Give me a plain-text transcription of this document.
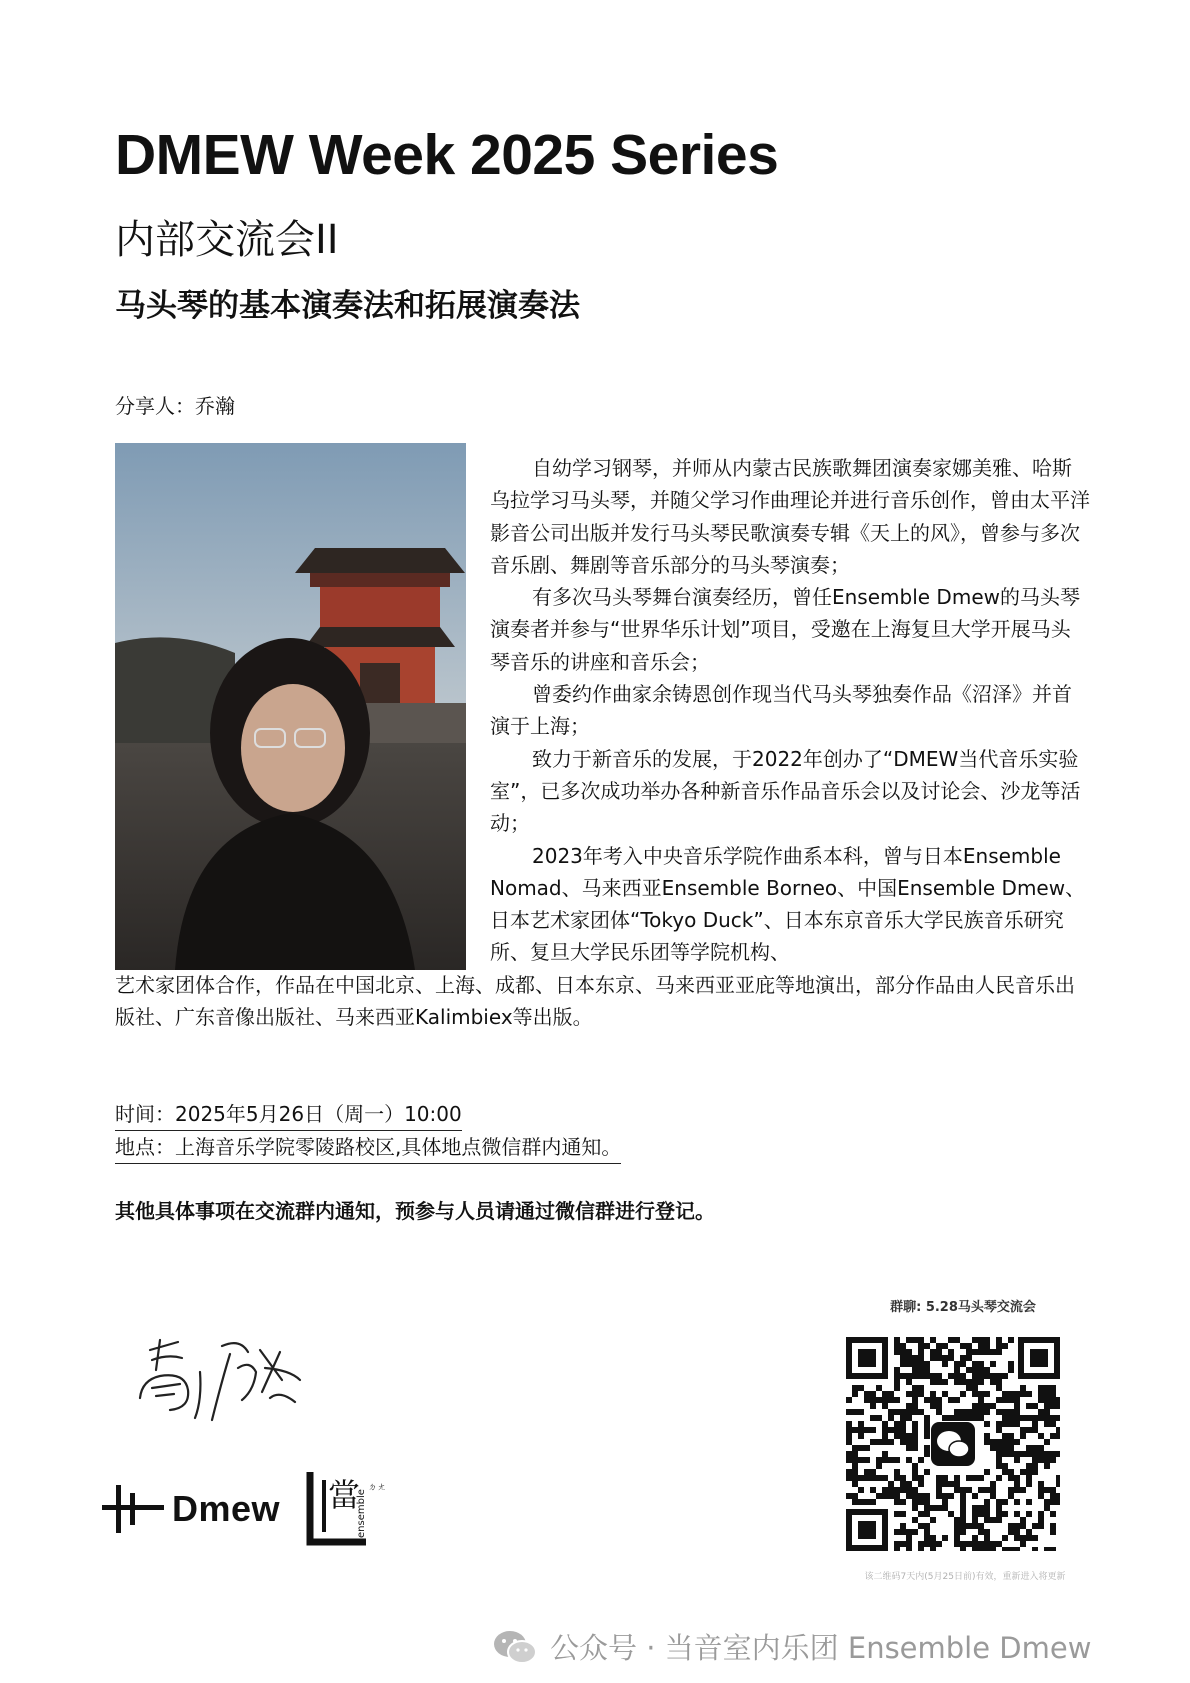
DMEW Week 2025 Series
内部交流会II
马头琴的基本演奏法和拓展演奏法
分享人：乔瀚

自幼学习钢琴，并师从内蒙古民族歌舞团演奏家娜美雅、哈斯乌拉学习马头琴，并随父学习作曲理论并进行音乐创作，曾由太平洋影音公司出版并发行马头琴民歌演奏专辑《天上的风》，曾参与多次音乐剧、舞剧等音乐部分的马头琴演奏；

有多次马头琴舞台演奏经历，曾任Ensemble Dmew的马头琴演奏者并参与“世界华乐计划”项目，受邀在上海复旦大学开展马头琴音乐的讲座和音乐会；

曾委约作曲家余铸恩创作现当代马头琴独奏作品《沼泽》并首演于上海；

致力于新音乐的发展，于2022年创办了“DMEW当代音乐实验室”，已多次成功举办各种新音乐作品音乐会以及讨论会、沙龙等活动；

2023年考入中央音乐学院作曲系本科，曾与日本Ensemble Nomad、马来西亚Ensemble Borneo、中国Ensemble Dmew、日本艺术家团体“Tokyo Duck”、日本东京音乐大学民族音乐研究所、复旦大学民乐团等学院机构、

艺术家团体合作，作品在中国北京、上海、成都、日本东京、马来西亚亚庇等地演出，部分作品由人民音乐出版社、广东音像出版社、马来西亚Kalimbiex等出版。

时间：2025年5月26日（周一）10:00
地点：上海音乐学院零陵路校区,具体地点微信群内通知。
其他具体事项在交流群内通知，预参与人员请通过微信群进行登记。
Dmew 當 ㄉㄤ
ensemble
群聊: 5.28马头琴交流会
该二维码7天内(5月25日前)有效，重新进入将更新
公众号 · 当音室内乐团 Ensemble Dmew
